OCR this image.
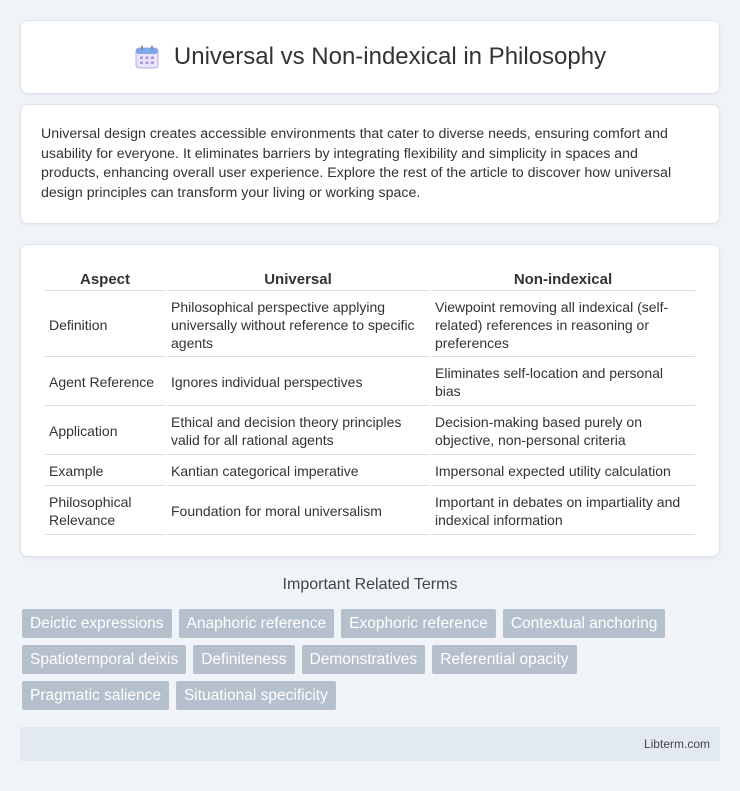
Universal vs Non-indexical in Philosophy

Universal design creates accessible environments that cater to diverse needs, ensuring comfort and usability for everyone. It eliminates barriers by integrating flexibility and simplicity in spaces and products, enhancing overall user experience. Explore the rest of the article to discover how universal design principles can transform your living or working space.

Aspect	Universal	Non-indexical
Definition	Philosophical perspective applying universally without reference to specific agents	Viewpoint removing all indexical (self-related) references in reasoning or preferences
Agent Reference	Ignores individual perspectives	Eliminates self-location and personal bias
Application	Ethical and decision theory principles valid for all rational agents	Decision-making based purely on objective, non-personal criteria
Example	Kantian categorical imperative	Impersonal expected utility calculation
Philosophical Relevance	Foundation for moral universalism	Important in debates on impartiality and indexical information
Important Related Terms
Deictic expressions	Anaphoric reference	Exophoric reference	Contextual anchoring
Spatiotemporal deixis	Definiteness	Demonstratives	Referential opacity
Pragmatic salience	Situational specificity
Libterm.com
